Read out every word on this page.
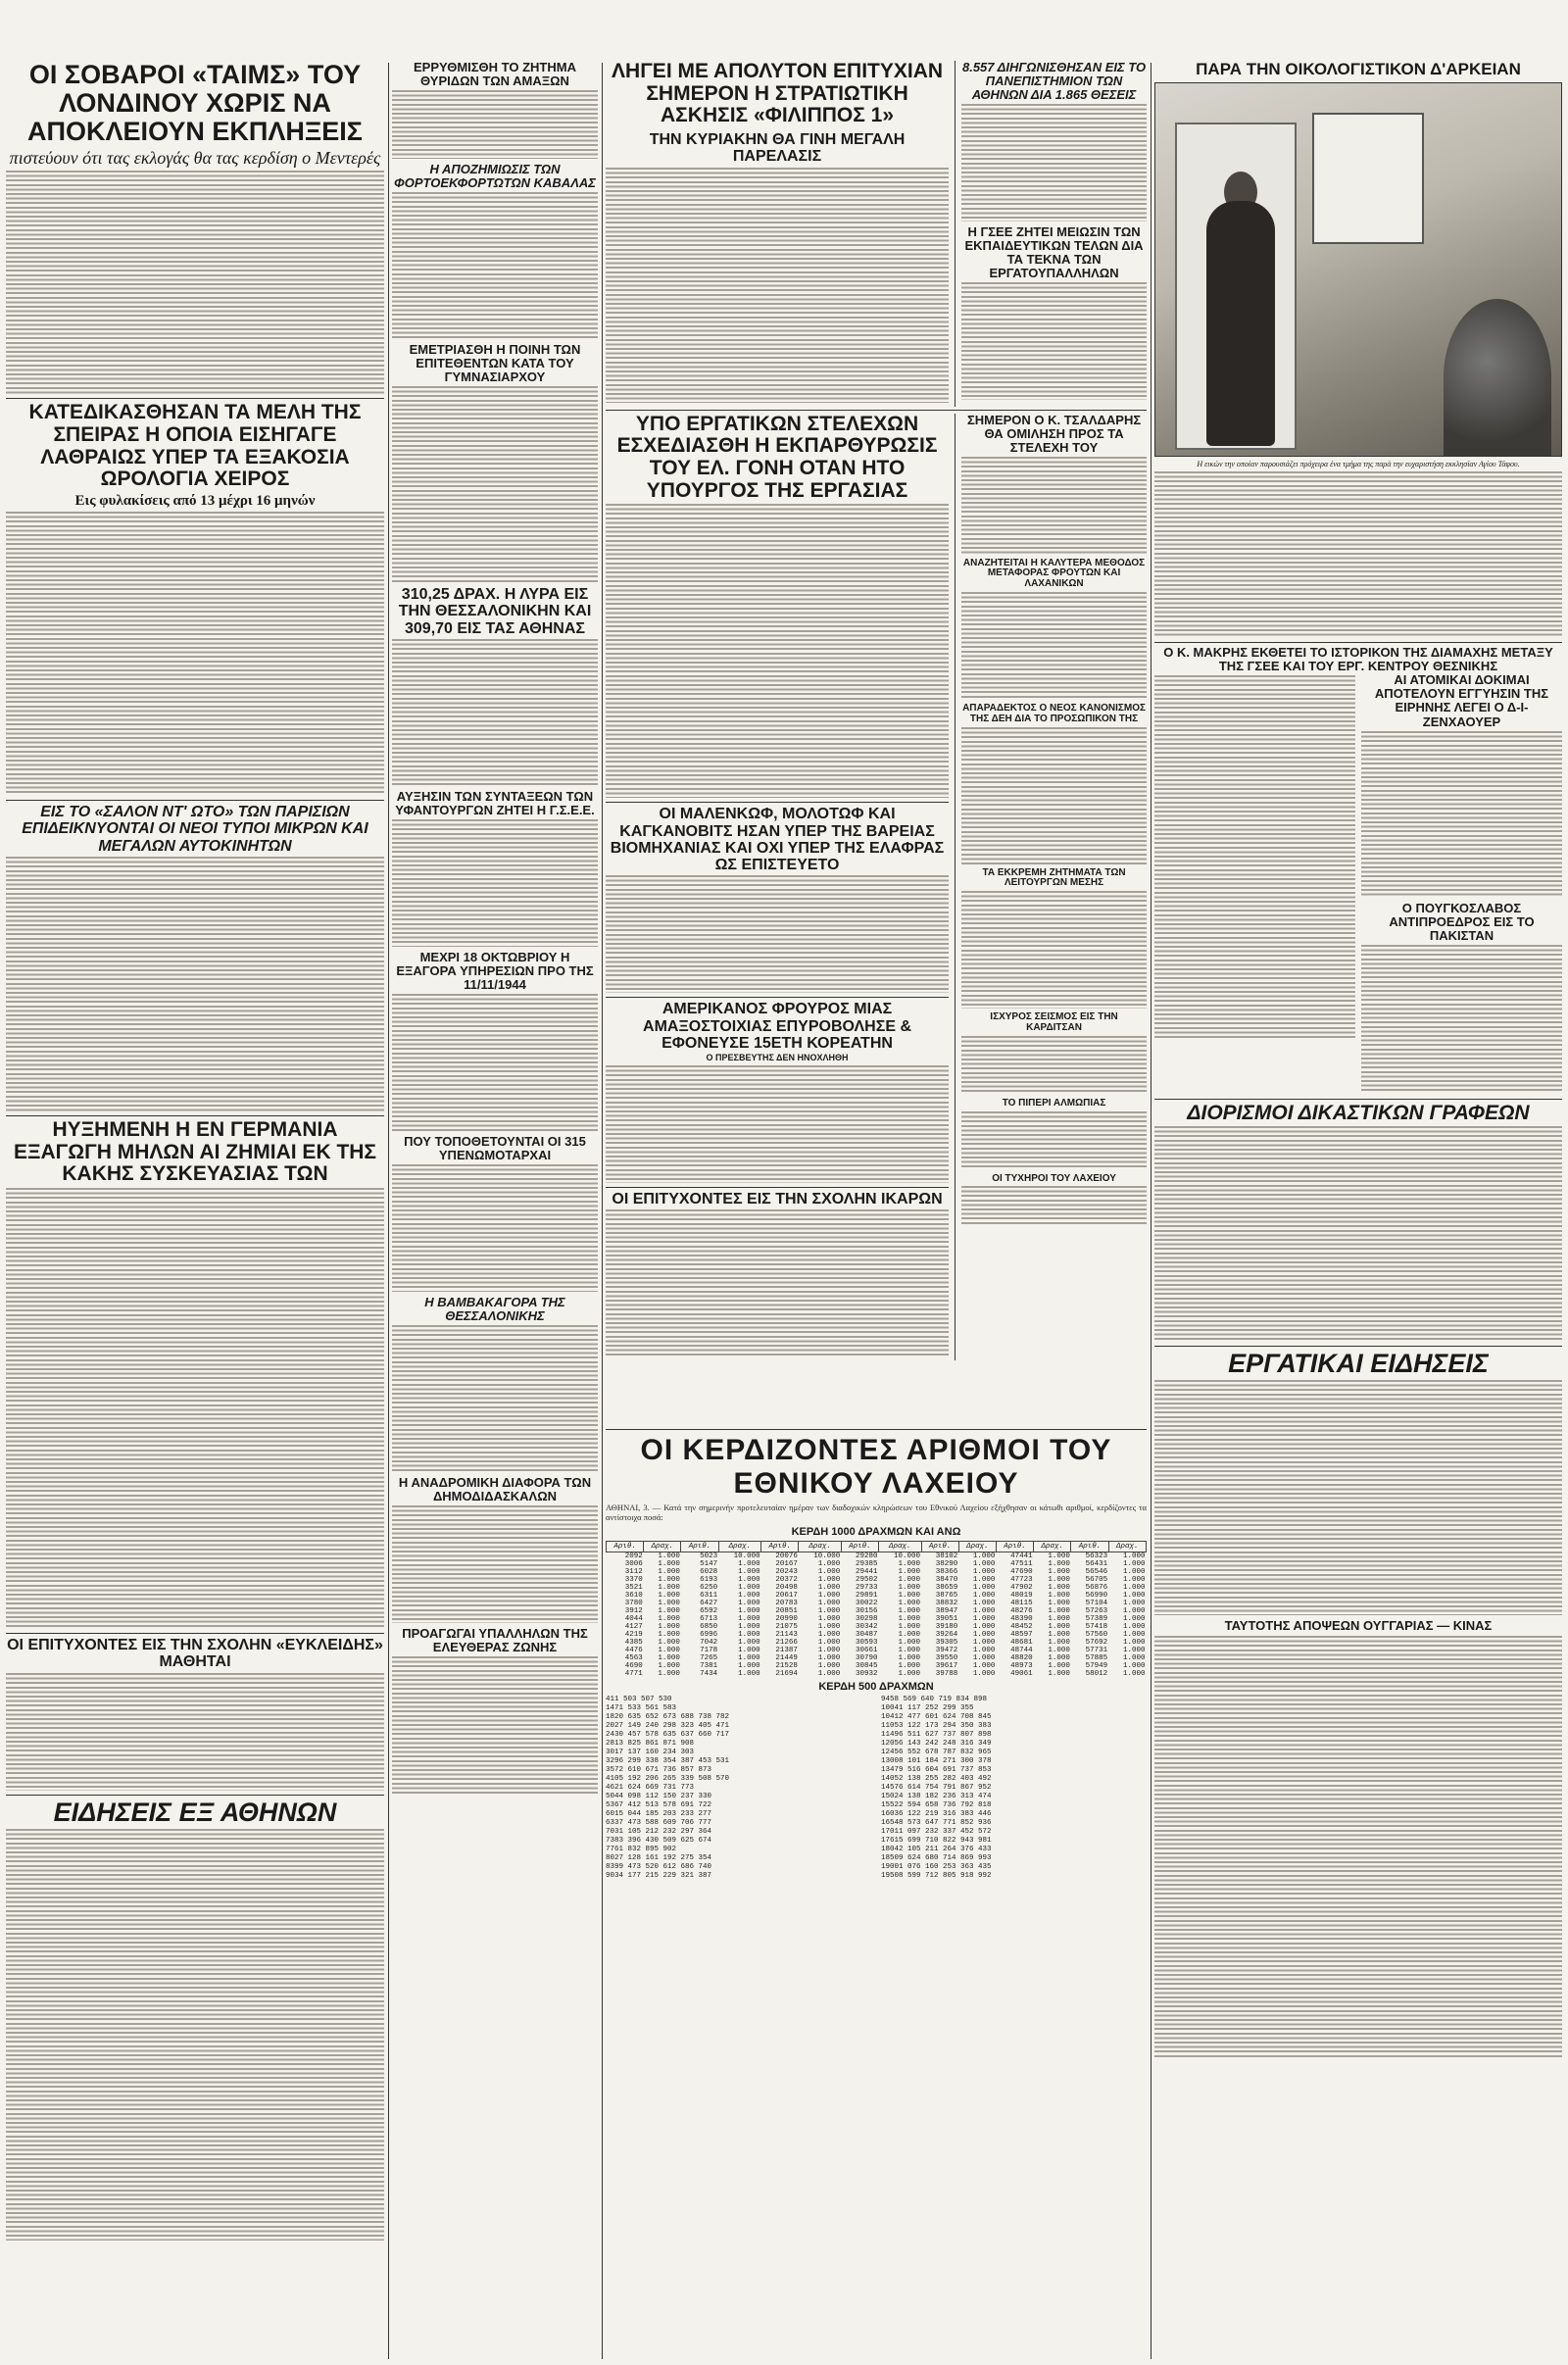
ΟΙ ΣΟΒΑΡΟΙ «ΤΑΙΜΣ» ΤΟΥ ΛΟΝΔΙΝΟΥ ΧΩΡΙΣ ΝΑ ΑΠΟΚΛΕΙΟΥΝ ΕΚΠΛΗΞΕΙΣ
πιστεύουν ότι τας εκλογάς θα τας κερδίση ο Μεντερές
ΚΑΤΕΔΙΚΑΣΘΗΣΑΝ ΤΑ ΜΕΛΗ ΤΗΣ ΣΠΕΙΡΑΣ Η ΟΠΟΙΑ ΕΙΣΗΓΑΓΕ ΛΑΘΡΑΙΩΣ ΥΠΕΡ ΤΑ ΕΞΑΚΟΣΙΑ ΩΡΟΛΟΓΙΑ ΧΕΙΡΟΣ
Εις φυλακίσεις από 13 μέχρι 16 μηνών
ΕΙΣ ΤΟ «ΣΑΛΟΝ ΝΤ' ΩΤΟ» ΤΩΝ ΠΑΡΙΣΙΩΝ ΕΠΙΔΕΙΚΝΥΟΝΤΑΙ ΟΙ ΝΕΟΙ ΤΥΠΟΙ ΜΙΚΡΩΝ ΚΑΙ ΜΕΓΑΛΩΝ ΑΥΤΟΚΙΝΗΤΩΝ
ΗΥΞΗΜΕΝΗ Η ΕΝ ΓΕΡΜΑΝΙΑ ΕΞΑΓΩΓΗ ΜΗΛΩΝ ΑΙ ΖΗΜΙΑΙ ΕΚ ΤΗΣ ΚΑΚΗΣ ΣΥΣΚΕΥΑΣΙΑΣ ΤΩΝ
ΟΙ ΕΠΙΤΥΧΟΝΤΕΣ ΕΙΣ ΤΗΝ ΣΧΟΛΗΝ «ΕΥΚΛΕΙΔΗΣ» ΜΑΘΗΤΑΙ
ΕΙΔΗΣΕΙΣ ΕΞ ΑΘΗΝΩΝ
ΕΡΡΥΘΜΙΣΘΗ ΤΟ ΖΗΤΗΜΑ ΘΥΡΙΔΩΝ ΤΩΝ ΑΜΑΞΩΝ
Η ΑΠΟΖΗΜΙΩΣΙΣ ΤΩΝ ΦΟΡΤΟΕΚΦΟΡΤΩΤΩΝ ΚΑΒΑΛΑΣ
ΕΜΕΤΡΙΑΣΘΗ Η ΠΟΙΝΗ ΤΩΝ ΕΠΙΤΕΘΕΝΤΩΝ ΚΑΤΑ ΤΟΥ ΓΥΜΝΑΣΙΑΡΧΟΥ
310,25 ΔΡΑΧ. Η ΛΥΡΑ ΕΙΣ ΤΗΝ ΘΕΣΣΑΛΟΝΙΚΗΝ ΚΑΙ 309,70 ΕΙΣ ΤΑΣ ΑΘΗΝΑΣ
ΑΥΞΗΣΙΝ ΤΩΝ ΣΥΝΤΑΞΕΩΝ ΤΩΝ ΥΦΑΝΤΟΥΡΓΩΝ ΖΗΤΕΙ Η Γ.Σ.Ε.Ε.
ΜΕΧΡΙ 18 ΟΚΤΩΒΡΙΟΥ Η ΕΞΑΓΟΡΑ ΥΠΗΡΕΣΙΩΝ ΠΡΟ ΤΗΣ 11/11/1944
ΠΟΥ ΤΟΠΟΘΕΤΟΥΝΤΑΙ ΟΙ 315 ΥΠΕΝΩΜΟΤΑΡΧΑΙ
Η ΒΑΜΒΑΚΑΓΟΡΑ ΤΗΣ ΘΕΣΣΑΛΟΝΙΚΗΣ
Η ΑΝΑΔΡΟΜΙΚΗ ΔΙΑΦΟΡΑ ΤΩΝ ΔΗΜΟΔΙΔΑΣΚΑΛΩΝ
ΠΡΟΑΓΩΓΑΙ ΥΠΑΛΛΗΛΩΝ ΤΗΣ ΕΛΕΥΘΕΡΑΣ ΖΩΝΗΣ
ΛΗΓΕΙ ΜΕ ΑΠΟΛΥΤΟΝ ΕΠΙΤΥΧΙΑΝ ΣΗΜΕΡΟΝ Η ΣΤΡΑΤΙΩΤΙΚΗ ΑΣΚΗΣΙΣ «ΦΙΛΙΠΠΟΣ 1»
ΤΗΝ ΚΥΡΙΑΚΗΝ ΘΑ ΓΙΝΗ ΜΕΓΑΛΗ ΠΑΡΕΛΑΣΙΣ
8.557 ΔΙΗΓΩΝΙΣΘΗΣΑΝ ΕΙΣ ΤΟ ΠΑΝΕΠΙΣΤΗΜΙΟΝ ΤΩΝ ΑΘΗΝΩΝ ΔΙΑ 1.865 ΘΕΣΕΙΣ
Η ΓΣΕΕ ΖΗΤΕΙ ΜΕΙΩΣΙΝ ΤΩΝ ΕΚΠΑΙΔΕΥΤΙΚΩΝ ΤΕΛΩΝ ΔΙΑ ΤΑ ΤΕΚΝΑ ΤΩΝ ΕΡΓΑΤΟΥΠΑΛΛΗΛΩΝ
ΥΠΟ ΕΡΓΑΤΙΚΩΝ ΣΤΕΛΕΧΩΝ ΕΣΧΕΔΙΑΣΘΗ Η ΕΚΠΑΡΘΥΡΩΣΙΣ ΤΟΥ ΕΛ. ΓΟΝΗ ΟΤΑΝ ΗΤΟ ΥΠΟΥΡΓΟΣ ΤΗΣ ΕΡΓΑΣΙΑΣ
ΟΙ ΜΑΛΕΝΚΩΦ, ΜΟΛΟΤΩΦ ΚΑΙ ΚΑΓΚΑΝΟΒΙΤΣ ΗΣΑΝ ΥΠΕΡ ΤΗΣ ΒΑΡΕΙΑΣ ΒΙΟΜΗΧΑΝΙΑΣ ΚΑΙ ΟΧΙ ΥΠΕΡ ΤΗΣ ΕΛΑΦΡΑΣ ΩΣ ΕΠΙΣΤΕΥΕΤΟ
ΑΜΕΡΙΚΑΝΟΣ ΦΡΟΥΡΟΣ ΜΙΑΣ ΑΜΑΞΟΣΤΟΙΧΙΑΣ ΕΠΥΡΟΒΟΛΗΣΕ & ΕΦΟΝΕΥΣΕ 15ΕΤΗ ΚΟΡΕΑΤΗΝ
Ο ΠΡΕΣΒΕΥΤΗΣ ΔΕΝ ΗΝΟΧΛΗΘΗ
ΟΙ ΕΠΙΤΥΧΟΝΤΕΣ ΕΙΣ ΤΗΝ ΣΧΟΛΗΝ ΙΚΑΡΩΝ
ΣΗΜΕΡΟΝ Ο Κ. ΤΣΑΛΔΑΡΗΣ ΘΑ ΟΜΙΛΗΣΗ ΠΡΟΣ ΤΑ ΣΤΕΛΕΧΗ ΤΟΥ
ΑΝΑΖΗΤΕΙΤΑΙ Η ΚΑΛΥΤΕΡΑ ΜΕΘΟΔΟΣ ΜΕΤΑΦΟΡΑΣ ΦΡΟΥΤΩΝ ΚΑΙ ΛΑΧΑΝΙΚΩΝ
ΑΠΑΡΑΔΕΚΤΟΣ Ο ΝΕΟΣ ΚΑΝΟΝΙΣΜΟΣ ΤΗΣ ΔΕΗ ΔΙΑ ΤΟ ΠΡΟΣΩΠΙΚΟΝ ΤΗΣ
ΤΑ ΕΚΚΡΕΜΗ ΖΗΤΗΜΑΤΑ ΤΩΝ ΛΕΙΤΟΥΡΓΩΝ ΜΕΣΗΣ
ΙΣΧΥΡΟΣ ΣΕΙΣΜΟΣ ΕΙΣ ΤΗΝ ΚΑΡΔΙΤΣΑΝ
ΤΟ ΠΙΠΕΡΙ ΑΛΜΩΠΙΑΣ
ΟΙ ΤΥΧΗΡΟΙ ΤΟΥ ΛΑΧΕΙΟΥ
ΟΙ ΚΕΡΔΙΖΟΝΤΕΣ ΑΡΙΘΜΟΙ ΤΟΥ ΕΘΝΙΚΟΥ ΛΑΧΕΙΟΥ
ΑΘΗΝΑΙ, 3. — Κατά την σημερινήν προτελευταίαν ημέραν των διαδοχικών κληρώσεων του Εθνικού Λαχείου εξήχθησαν οι κάτωθι αριθμοί, κερδίζοντες τα αντίστοιχα ποσά:
ΚΕΡΔΗ 1000 ΔΡΑΧΜΩΝ ΚΑΙ ΑΝΩ
Αριθ.	Δραχ.	Αριθ.	Δραχ.	Αριθ.	Δραχ.	Αριθ.	Δραχ.	Αριθ.	Δραχ.	Αριθ.	Δραχ.	Αριθ.	Δραχ.
2092	1.000	5023	10.000	20076	10.000	29280	10.000	38102	1.000	47441	1.000	56323	1.000
3006	1.000	5147	1.000	20167	1.000	29385	1.000	38290	1.000	47511	1.000	56431	1.000
3112	1.000	6028	1.000	20243	1.000	29441	1.000	38366	1.000	47690	1.000	56546	1.000
3370	1.000	6193	1.000	20372	1.000	29502	1.000	38470	1.000	47723	1.000	56705	1.000
3521	1.000	6250	1.000	20498	1.000	29733	1.000	38659	1.000	47902	1.000	56876	1.000
3610	1.000	6311	1.000	20617	1.000	29891	1.000	38765	1.000	48019	1.000	56990	1.000
3780	1.000	6427	1.000	20783	1.000	30022	1.000	38832	1.000	48115	1.000	57104	1.000
3912	1.000	6592	1.000	20851	1.000	30156	1.000	38947	1.000	48276	1.000	57263	1.000
4044	1.000	6713	1.000	20990	1.000	30298	1.000	39051	1.000	48390	1.000	57389	1.000
4127	1.000	6850	1.000	21075	1.000	30342	1.000	39180	1.000	48452	1.000	57418	1.000
4219	1.000	6996	1.000	21143	1.000	30487	1.000	39264	1.000	48597	1.000	57560	1.000
4385	1.000	7042	1.000	21266	1.000	30593	1.000	39305	1.000	48681	1.000	57692	1.000
4476	1.000	7178	1.000	21387	1.000	30661	1.000	39472	1.000	48744	1.000	57731	1.000
4563	1.000	7265	1.000	21449	1.000	30790	1.000	39550	1.000	48820	1.000	57885	1.000
4690	1.000	7381	1.000	21528	1.000	30845	1.000	39617	1.000	48973	1.000	57949	1.000
4771	1.000	7434	1.000	21694	1.000	30932	1.000	39788	1.000	49061	1.000	58012	1.000
ΚΕΡΔΗ 500 ΔΡΑΧΜΩΝ
411 503 507 530
1471 533 561 583
1820 635 652 673 688 738 782
2027 149 240 298 323 405 471
2430 457 578 635 637 660 717
2813 825 861 871 908
3017 137 160 234 303
3296 299 338 354 387 453 531
3572 610 671 736 857 873
4105 192 206 265 339 508 570
4621 624 669 731 773
5044 098 112 150 237 330
5367 412 513 578 691 722
6015 044 185 203 233 277
6337 473 588 609 706 777
7031 105 212 232 297 364
7383 396 430 509 625 674
7761 832 895 902
8027 128 161 192 275 354
8399 473 520 612 686 740
9034 177 215 229 321 387
9458 569 640 719 834 898
10041 117 252 299 355
10412 477 601 624 708 845
11053 122 173 294 350 383
11496 511 627 737 807 898
12056 143 242 248 316 349
12456 552 678 787 832 965
13008 101 184 271 300 378
13479 516 604 691 737 853
14052 138 255 282 403 492
14576 614 754 791 867 952
15024 138 182 236 313 474
15522 594 658 736 792 818
16036 122 219 316 383 446
16548 573 647 771 852 936
17011 097 232 337 452 572
17615 699 710 822 943 981
18042 105 211 264 376 433
18509 624 680 714 869 993
19001 076 160 253 363 435
19508 599 712 805 918 992
ΠΑΡΑ ΤΗΝ ΟΙΚΟΛΟΓΙΣΤΙΚΟΝ Δ'ΑΡΚΕΙΑΝ
Η εικών την οποίαν παρουσιάζει πρόχειρα ένα τμήμα της παρά την ευχαριστήση εκκλησίαν Αγίου Τάφου.
Ο Κ. ΜΑΚΡΗΣ ΕΚΘΕΤΕΙ ΤΟ ΙΣΤΟΡΙΚΟΝ ΤΗΣ ΔΙΑΜΑΧΗΣ ΜΕΤΑΞΥ ΤΗΣ ΓΣΕΕ ΚΑΙ ΤΟΥ ΕΡΓ. ΚΕΝΤΡΟΥ ΘΕΣΝΙΚΗΣ
ΑΙ ΑΤΟΜΙΚΑΙ ΔΟΚΙΜΑΙ ΑΠΟΤΕΛΟΥΝ ΕΓΓΥΗΣΙΝ ΤΗΣ ΕΙΡΗΝΗΣ ΛΕΓΕΙ Ο Δ-Ι-ΖΕΝΧΑΟΥΕΡ
Ο ΠΟΥΓΚΟΣΛΑΒΟΣ ΑΝΤΙΠΡΟΕΔΡΟΣ ΕΙΣ ΤΟ ΠΑΚΙΣΤΑΝ
ΔΙΟΡΙΣΜΟΙ ΔΙΚΑΣΤΙΚΩΝ ΓΡΑΦΕΩΝ
ΕΡΓΑΤΙΚΑΙ ΕΙΔΗΣΕΙΣ
ΤΑΥΤΟΤΗΣ ΑΠΟΨΕΩΝ ΟΥΓΓΑΡΙΑΣ — ΚΙΝΑΣ
